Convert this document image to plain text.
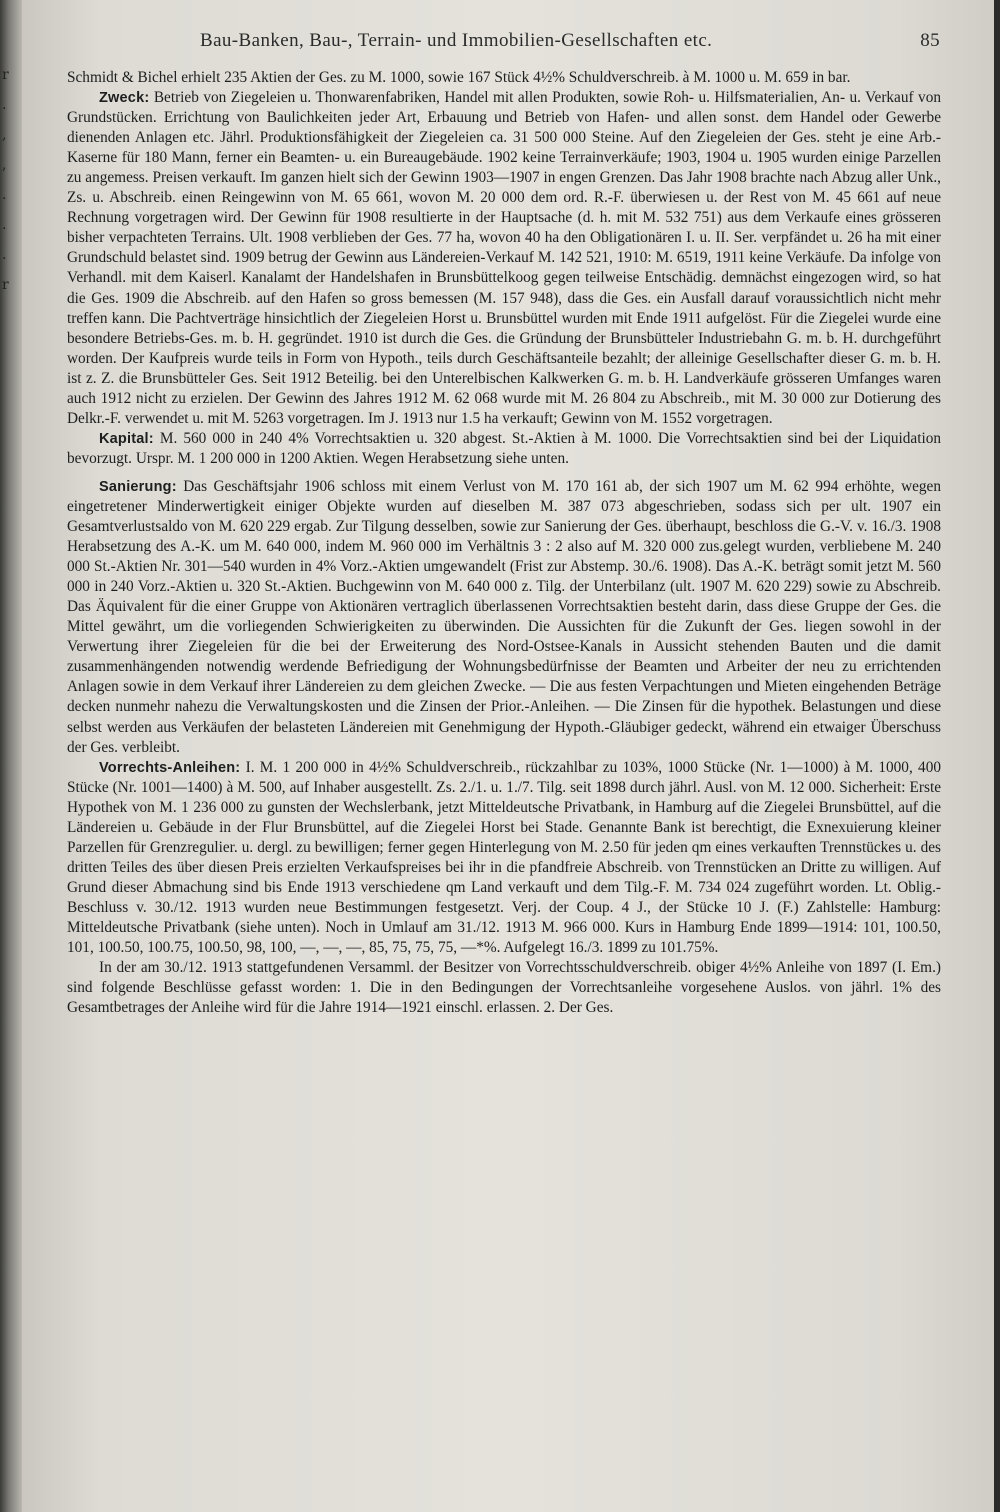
Bau-Banken, Bau-, Terrain- und Immobilien-Gesellschaften etc.	85

Schmidt & Bichel erhielt 235 Aktien der Ges. zu M. 1000, sowie 167 Stück 4½% Schuldverschreib. à M. 1000 u. M. 659 in bar.

Zweck: Betrieb von Ziegeleien u. Thonwarenfabriken, Handel mit allen Produkten, sowie Roh- u. Hilfsmaterialien, An- u. Verkauf von Grundstücken. Errichtung von Baulichkeiten jeder Art, Erbauung und Betrieb von Hafen- und allen sonst. dem Handel oder Gewerbe dienenden Anlagen etc. Jährl. Produktionsfähigkeit der Ziegeleien ca. 31 500 000 Steine. Auf den Ziegeleien der Ges. steht je eine Arb.-Kaserne für 180 Mann, ferner ein Beamten- u. ein Bureaugebäude. 1902 keine Terrainverkäufe; 1903, 1904 u. 1905 wurden einige Parzellen zu angemess. Preisen verkauft. Im ganzen hielt sich der Gewinn 1903—1907 in engen Grenzen. Das Jahr 1908 brachte nach Abzug aller Unk., Zs. u. Abschreib. einen Reingewinn von M. 65 661, wovon M. 20 000 dem ord. R.-F. überwiesen u. der Rest von M. 45 661 auf neue Rechnung vorgetragen wird. Der Gewinn für 1908 resultierte in der Hauptsache (d. h. mit M. 532 751) aus dem Verkaufe eines grösseren bisher verpachteten Terrains. Ult. 1908 verblieben der Ges. 77 ha, wovon 40 ha den Obligationären I. u. II. Ser. verpfändet u. 26 ha mit einer Grundschuld belastet sind. 1909 betrug der Gewinn aus Ländereien-Verkauf M. 142 521, 1910: M. 6519, 1911 keine Verkäufe. Da infolge von Verhandl. mit dem Kaiserl. Kanalamt der Handelshafen in Brunsbüttelkoog gegen teilweise Entschädig. demnächst eingezogen wird, so hat die Ges. 1909 die Abschreib. auf den Hafen so gross bemessen (M. 157 948), dass die Ges. ein Ausfall darauf voraussichtlich nicht mehr treffen kann. Die Pachtverträge hinsichtlich der Ziegeleien Horst u. Brunsbüttel wurden mit Ende 1911 aufgelöst. Für die Ziegelei wurde eine besondere Betriebs-Ges. m. b. H. gegründet. 1910 ist durch die Ges. die Gründung der Brunsbütteler Industriebahn G. m. b. H. durchgeführt worden. Der Kaufpreis wurde teils in Form von Hypoth., teils durch Geschäftsanteile bezahlt; der alleinige Gesellschafter dieser G. m. b. H. ist z. Z. die Brunsbütteler Ges. Seit 1912 Beteilig. bei den Unterelbischen Kalkwerken G. m. b. H. Landverkäufe grösseren Umfanges waren auch 1912 nicht zu erzielen. Der Gewinn des Jahres 1912 M. 62 068 wurde mit M. 26 804 zu Abschreib., mit M. 30 000 zur Dotierung des Delkr.-F. verwendet u. mit M. 5263 vorgetragen. Im J. 1913 nur 1.5 ha verkauft; Gewinn von M. 1552 vorgetragen.

Kapital: M. 560 000 in 240 4% Vorrechtsaktien u. 320 abgest. St.-Aktien à M. 1000. Die Vorrechtsaktien sind bei der Liquidation bevorzugt. Urspr. M. 1 200 000 in 1200 Aktien. Wegen Herabsetzung siehe unten.

Sanierung: Das Geschäftsjahr 1906 schloss mit einem Verlust von M. 170 161 ab, der sich 1907 um M. 62 994 erhöhte, wegen eingetretener Minderwertigkeit einiger Objekte wurden auf dieselben M. 387 073 abgeschrieben, sodass sich per ult. 1907 ein Gesamtverlustsaldo von M. 620 229 ergab. Zur Tilgung desselben, sowie zur Sanierung der Ges. überhaupt, beschloss die G.-V. v. 16./3. 1908 Herabsetzung des A.-K. um M. 640 000, indem M. 960 000 im Verhältnis 3 : 2 also auf M. 320 000 zus.gelegt wurden, verbliebene M. 240 000 St.-Aktien Nr. 301—540 wurden in 4% Vorz.-Aktien umgewandelt (Frist zur Abstemp. 30./6. 1908). Das A.-K. beträgt somit jetzt M. 560 000 in 240 Vorz.-Aktien u. 320 St.-Aktien. Buchgewinn von M. 640 000 z. Tilg. der Unterbilanz (ult. 1907 M. 620 229) sowie zu Abschreib. Das Äquivalent für die einer Gruppe von Aktionären vertraglich überlassenen Vorrechtsaktien besteht darin, dass diese Gruppe der Ges. die Mittel gewährt, um die vorliegenden Schwierigkeiten zu überwinden. Die Aussichten für die Zukunft der Ges. liegen sowohl in der Verwertung ihrer Ziegeleien für die bei der Erweiterung des Nord-Ostsee-Kanals in Aussicht stehenden Bauten und die damit zusammenhängenden notwendig werdende Befriedigung der Wohnungsbedürfnisse der Beamten und Arbeiter der neu zu errichtenden Anlagen sowie in dem Verkauf ihrer Ländereien zu dem gleichen Zwecke. — Die aus festen Verpachtungen und Mieten eingehenden Beträge decken nunmehr nahezu die Verwaltungskosten und die Zinsen der Prior.-Anleihen. — Die Zinsen für die hypothek. Belastungen und diese selbst werden aus Verkäufen der belasteten Ländereien mit Genehmigung der Hypoth.-Gläubiger gedeckt, während ein etwaiger Überschuss der Ges. verbleibt.

Vorrechts-Anleihen: I. M. 1 200 000 in 4½% Schuldverschreib., rückzahlbar zu 103%, 1000 Stücke (Nr. 1—1000) à M. 1000, 400 Stücke (Nr. 1001—1400) à M. 500, auf Inhaber ausgestellt. Zs. 2./1. u. 1./7. Tilg. seit 1898 durch jährl. Ausl. von M. 12 000. Sicherheit: Erste Hypothek von M. 1 236 000 zu gunsten der Wechslerbank, jetzt Mitteldeutsche Privatbank, in Hamburg auf die Ziegelei Brunsbüttel, auf die Ländereien u. Gebäude in der Flur Brunsbüttel, auf die Ziegelei Horst bei Stade. Genannte Bank ist berechtigt, die Exnexuierung kleiner Parzellen für Grenzregulier. u. dergl. zu bewilligen; ferner gegen Hinterlegung von M. 2.50 für jeden qm eines verkauften Trennstückes u. des dritten Teiles des über diesen Preis erzielten Verkaufspreises bei ihr in die pfandfreie Abschreib. von Trennstücken an Dritte zu willigen. Auf Grund dieser Abmachung sind bis Ende 1913 verschiedene qm Land verkauft und dem Tilg.-F. M. 734 024 zugeführt worden. Lt. Oblig.-Beschluss v. 30./12. 1913 wurden neue Bestimmungen festgesetzt. Verj. der Coup. 4 J., der Stücke 10 J. (F.) Zahlstelle: Hamburg: Mitteldeutsche Privatbank (siehe unten). Noch in Umlauf am 31./12. 1913 M. 966 000. Kurs in Hamburg Ende 1899—1914: 101, 100.50, 101, 100.50, 100.75, 100.50, 98, 100, —, —, —, 85, 75, 75, 75, —*%. Aufgelegt 16./3. 1899 zu 101.75%.

In der am 30./12. 1913 stattgefundenen Versamml. der Besitzer von Vorrechtsschuldverschreib. obiger 4½% Anleihe von 1897 (I. Em.) sind folgende Beschlüsse gefasst worden: 1. Die in den Bedingungen der Vorrechtsanleihe vorgesehene Auslos. von jährl. 1% des Gesamtbetrages der Anleihe wird für die Jahre 1914—1921 einschl. erlassen. 2. Der Ges.

r
.
,
,
.
.
.
r
